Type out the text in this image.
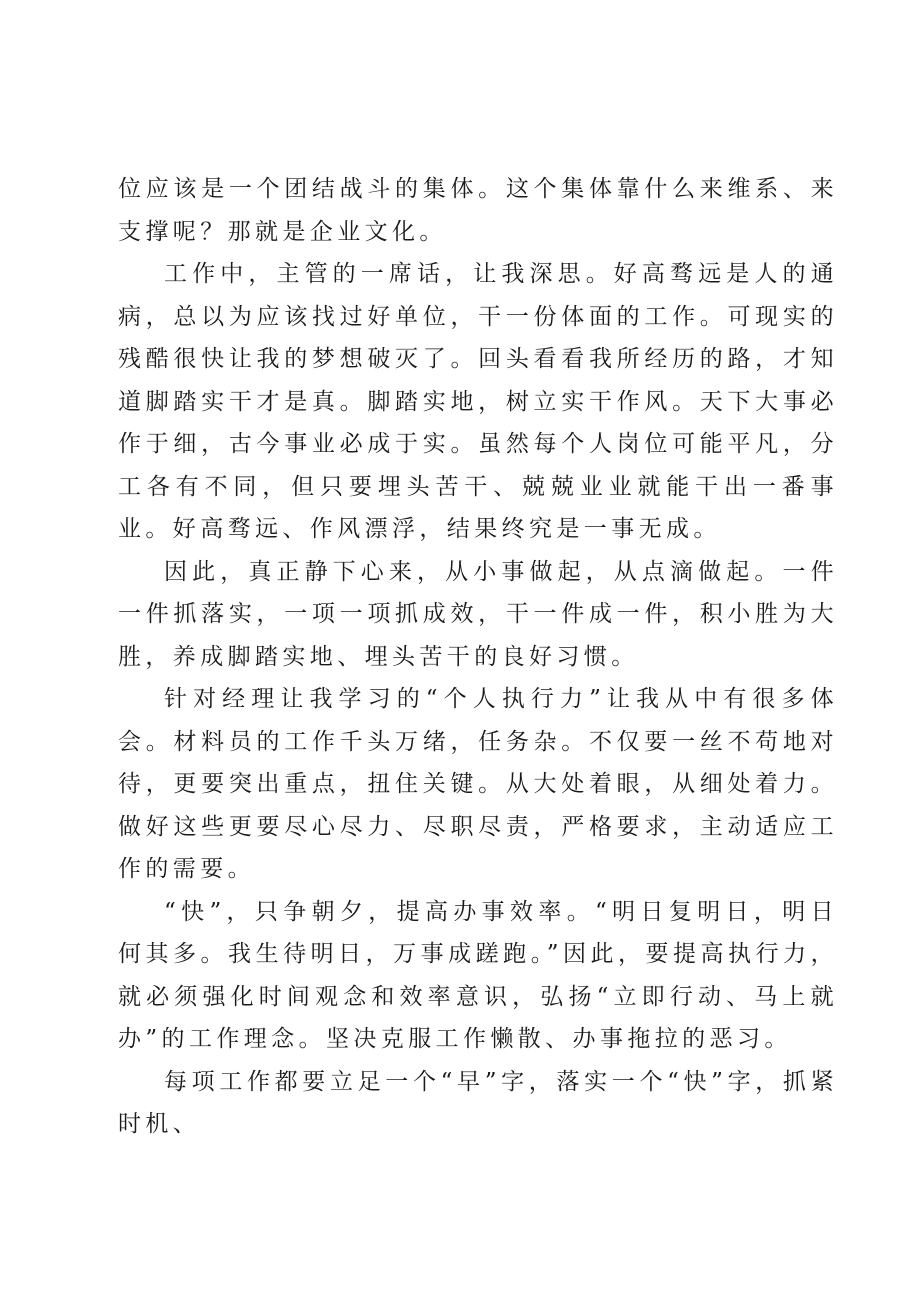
位应该是一个团结战斗的集体。这个集体靠什么来维系、来支撑呢？那就是企业文化。

工作中，主管的一席话，让我深思。好高骛远是人的通病，总以为应该找过好单位，干一份体面的工作。可现实的残酷很快让我的梦想破灭了。回头看看我所经历的路，才知道脚踏实干才是真。脚踏实地，树立实干作风。天下大事必作于细，古今事业必成于实。虽然每个人岗位可能平凡，分工各有不同，但只要埋头苦干、兢兢业业就能干出一番事业。好高骛远、作风漂浮，结果终究是一事无成。

因此，真正静下心来，从小事做起，从点滴做起。一件一件抓落实，一项一项抓成效，干一件成一件，积小胜为大胜，养成脚踏实地、埋头苦干的良好习惯。

针对经理让我学习的“个人执行力”让我从中有很多体会。材料员的工作千头万绪，任务杂。不仅要一丝不苟地对待，更要突出重点，扭住关键。从大处着眼，从细处着力。做好这些更要尽心尽力、尽职尽责，严格要求，主动适应工作的需要。

“快”，只争朝夕，提高办事效率。“明日复明日，明日何其多。我生待明日，万事成蹉跑。”因此，要提高执行力，就必须强化时间观念和效率意识，弘扬“立即行动、马上就办”的工作理念。坚决克服工作懒散、办事拖拉的恶习。

每项工作都要立足一个“早”字，落实一个“快”字，抓紧时机、
